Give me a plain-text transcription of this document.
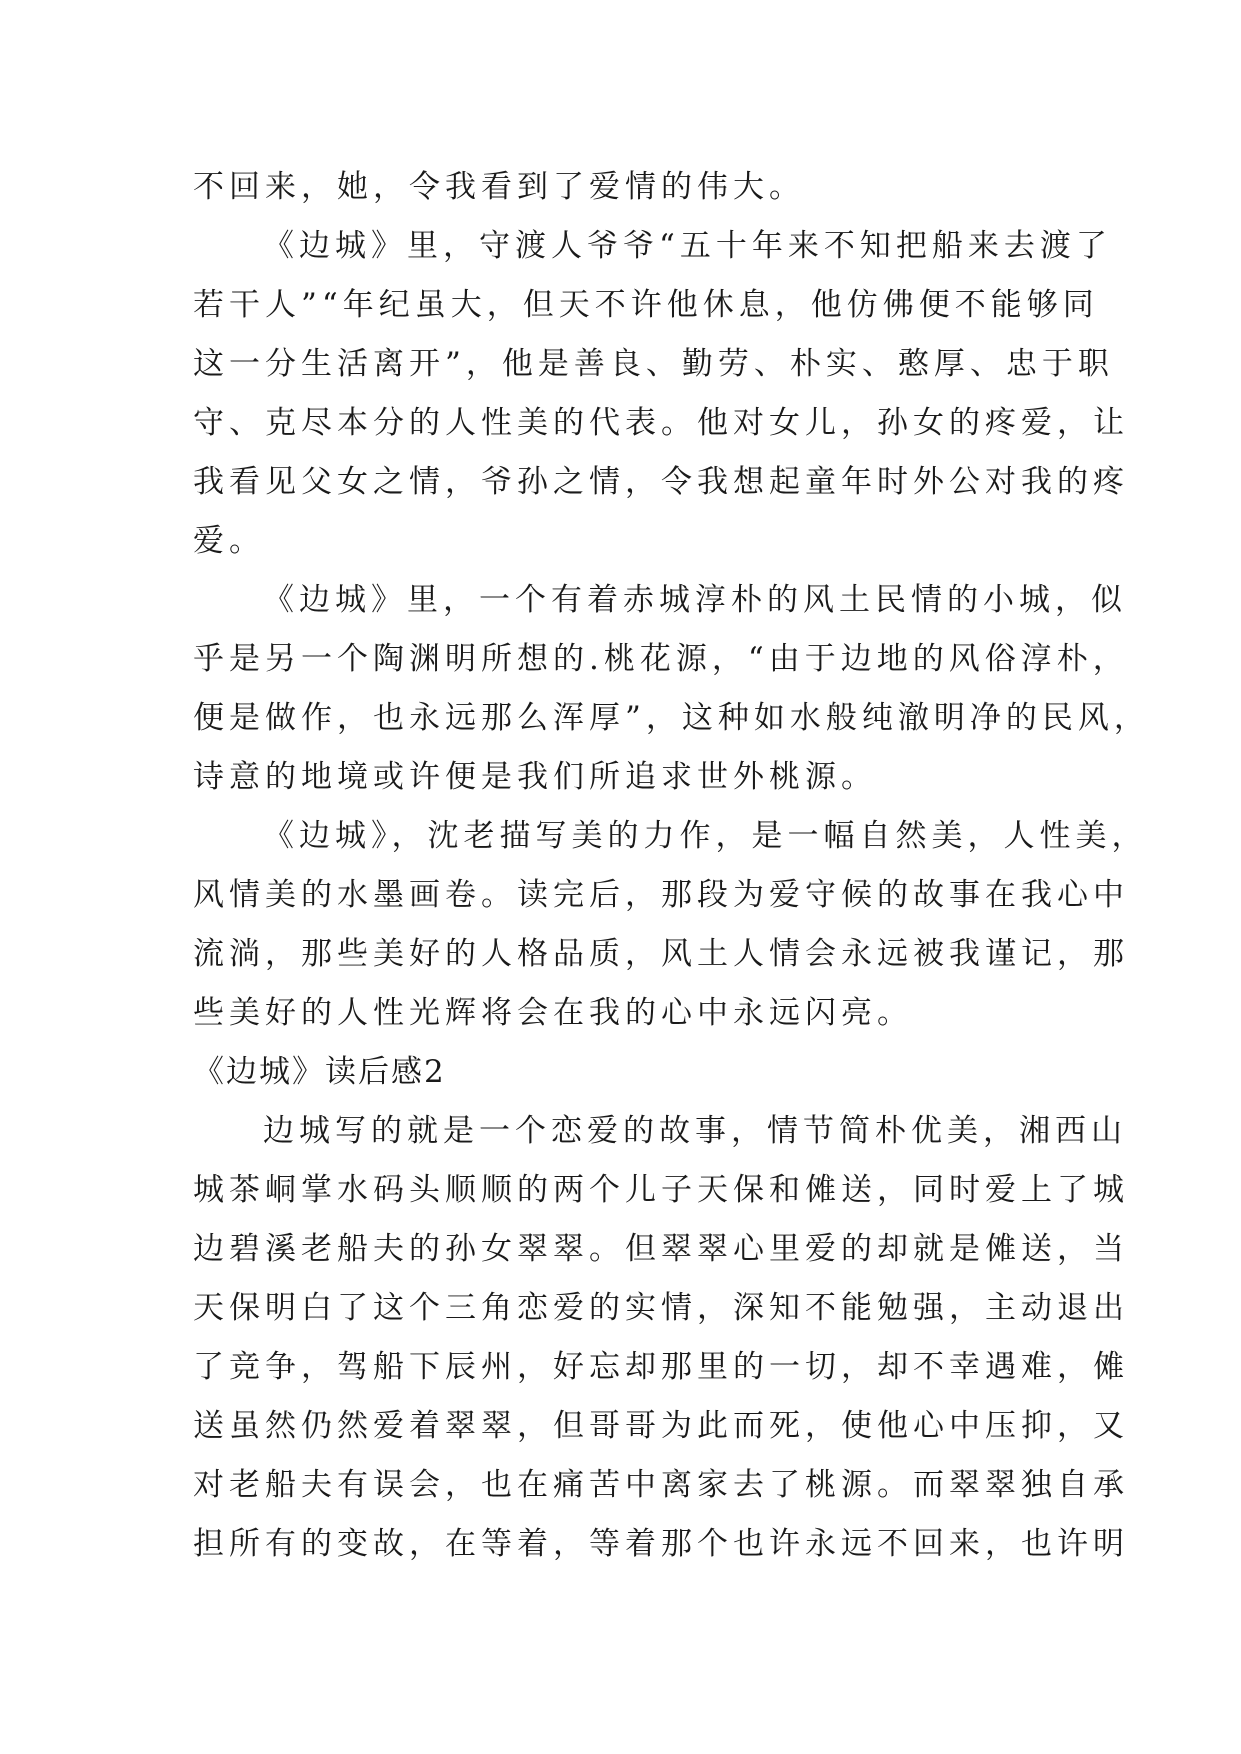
不回来，她，令我看到了爱情的伟大。
《边城》里，守渡人爷爷“五十年来不知把船来去渡了
若干人”“年纪虽大，但天不许他休息，他仿佛便不能够同
这一分生活离开”，他是善良、勤劳、朴实、憨厚、忠于职
守、克尽本分的人性美的代表。他对女儿，孙女的疼爱，让
我看见父女之情，爷孙之情，令我想起童年时外公对我的疼
爱。
《边城》里，一个有着赤城淳朴的风土民情的小城，似
乎是另一个陶渊明所想的.桃花源，“由于边地的风俗淳朴，
便是做作，也永远那么浑厚”，这种如水般纯澈明净的民风，
诗意的地境或许便是我们所追求世外桃源。
《边城》，沈老描写美的力作，是一幅自然美，人性美，
风情美的水墨画卷。读完后，那段为爱守候的故事在我心中
流淌，那些美好的人格品质，风土人情会永远被我谨记，那
些美好的人性光辉将会在我的心中永远闪亮。
《边城》读后感2
边城写的就是一个恋爱的故事，情节简朴优美，湘西山
城茶峒掌水码头顺顺的两个儿子天保和傩送，同时爱上了城
边碧溪老船夫的孙女翠翠。但翠翠心里爱的却就是傩送，当
天保明白了这个三角恋爱的实情，深知不能勉强，主动退出
了竞争，驾船下辰州，好忘却那里的一切，却不幸遇难，傩
送虽然仍然爱着翠翠，但哥哥为此而死，使他心中压抑，又
对老船夫有误会，也在痛苦中离家去了桃源。而翠翠独自承
担所有的变故，在等着，等着那个也许永远不回来，也许明
